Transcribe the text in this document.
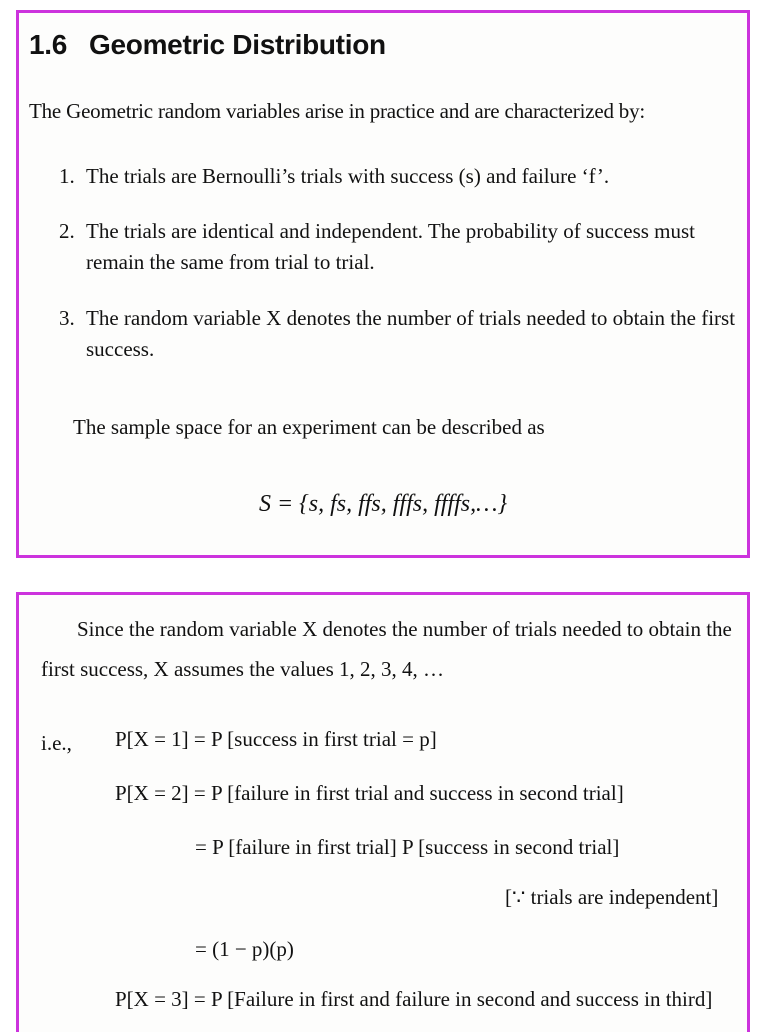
1.6 Geometric Distribution
The Geometric random variables arise in practice and are characterized by:
1. The trials are Bernoulli’s trials with success (s) and failure ‘f’.
2. The trials are identical and independent. The probability of success must remain the same from trial to trial.
3. The random variable X denotes the number of trials needed to obtain the first success.
The sample space for an experiment can be described as
S = {s, fs, ffs, fffs, ffffs,…}
Since the random variable X denotes the number of trials needed to obtain the
first success, X assumes the values 1, 2, 3, 4, …
i.e., P[X = 1] = P [success in first trial = p]
P[X = 2] = P [failure in first trial and success in second trial]
= P [failure in first trial] P [success in second trial]
[∵ trials are independent]
= (1 − p)(p)
P[X = 3] = P [Failure in first and failure in second and success in third]
